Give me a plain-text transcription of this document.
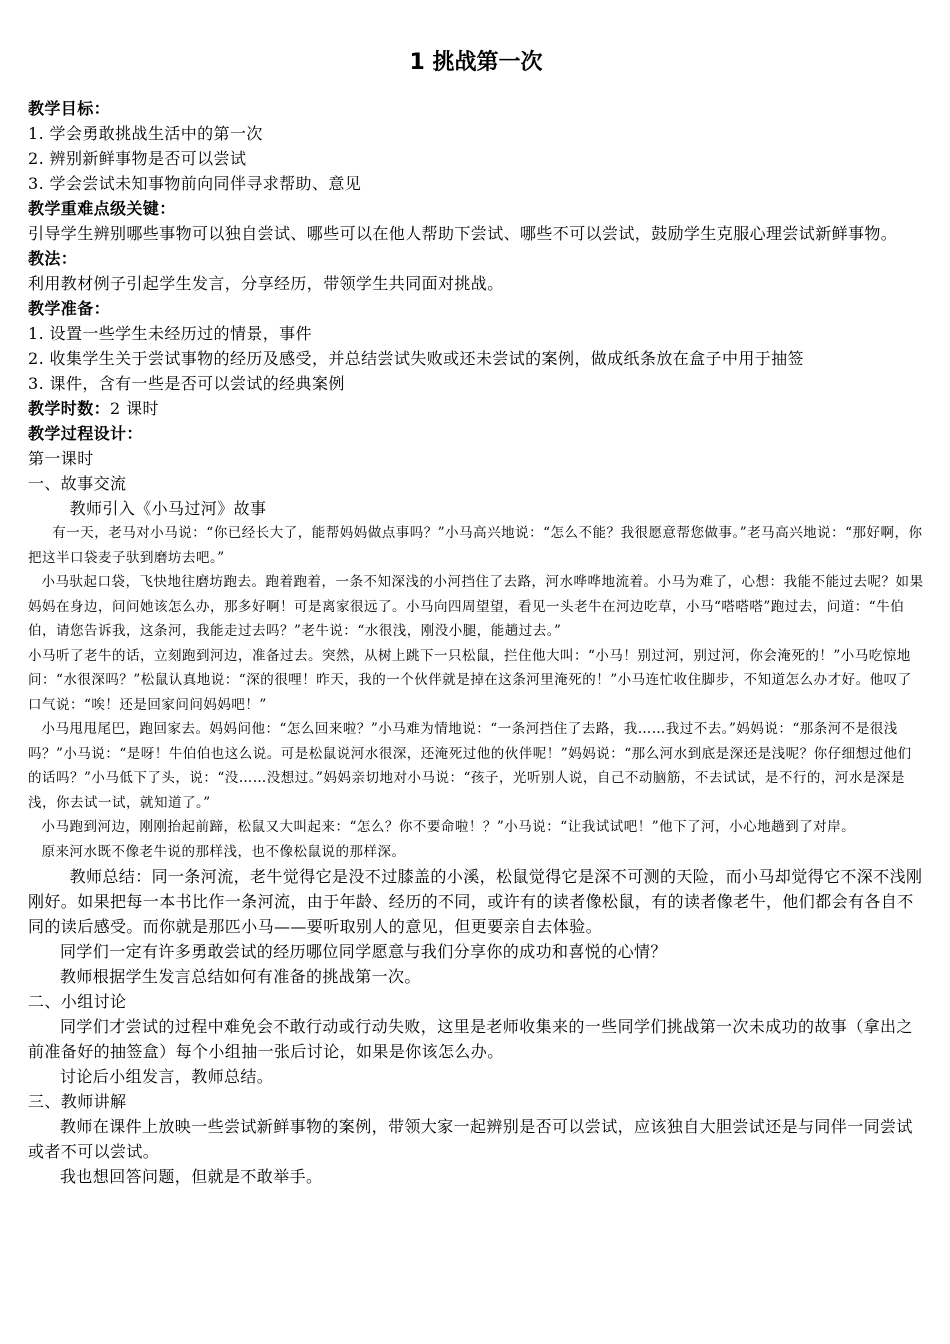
1 挑战第一次

教学目标：

1. 学会勇敢挑战生活中的第一次

2. 辨别新鲜事物是否可以尝试

3. 学会尝试未知事物前向同伴寻求帮助、意见

教学重难点级关键：

引导学生辨别哪些事物可以独自尝试、哪些可以在他人帮助下尝试、哪些不可以尝试，鼓励学生克服心理尝试新鲜事物。

教法：

利用教材例子引起学生发言，分享经历，带领学生共同面对挑战。

教学准备：

1. 设置一些学生未经历过的情景，事件

2. 收集学生关于尝试事物的经历及感受，并总结尝试失败或还未尝试的案例，做成纸条放在盒子中用于抽签

3. 课件，含有一些是否可以尝试的经典案例

教学时数：2 课时

教学过程设计：

第一课时

一、故事交流

教师引入《小马过河》故事

有一天，老马对小马说：“你已经长大了，能帮妈妈做点事吗？”小马高兴地说：“怎么不能？我很愿意帮您做事。”老马高兴地说：“那好啊，你把这半口袋麦子驮到磨坊去吧。”

小马驮起口袋，飞快地往磨坊跑去。跑着跑着，一条不知深浅的小河挡住了去路，河水哗哗地流着。小马为难了，心想：我能不能过去呢？如果妈妈在身边，问问她该怎么办，那多好啊！可是离家很远了。小马向四周望望，看见一头老牛在河边吃草，小马“嗒嗒嗒”跑过去，问道：“牛伯伯，请您告诉我，这条河，我能走过去吗？”老牛说：“水很浅，刚没小腿，能趟过去。”

小马听了老牛的话，立刻跑到河边，准备过去。突然，从树上跳下一只松鼠，拦住他大叫：“小马！别过河，别过河，你会淹死的！”小马吃惊地问：“水很深吗？”松鼠认真地说：“深的很哩！昨天，我的一个伙伴就是掉在这条河里淹死的！”小马连忙收住脚步，不知道怎么办才好。他叹了口气说：“唉！还是回家问问妈妈吧！”

小马甩甩尾巴，跑回家去。妈妈问他：“怎么回来啦？”小马难为情地说：“一条河挡住了去路，我……我过不去。”妈妈说：“那条河不是很浅吗？”小马说：“是呀！牛伯伯也这么说。可是松鼠说河水很深，还淹死过他的伙伴呢！”妈妈说：“那么河水到底是深还是浅呢？你仔细想过他们的话吗？”小马低下了头，说：“没……没想过。”妈妈亲切地对小马说：“孩子，光听别人说，自己不动脑筋，不去试试，是不行的，河水是深是浅，你去试一试，就知道了。”

小马跑到河边，刚刚抬起前蹄，松鼠又大叫起来：“怎么？你不要命啦！？”小马说：“让我试试吧！”他下了河，小心地趟到了对岸。

原来河水既不像老牛说的那样浅，也不像松鼠说的那样深。

教师总结：同一条河流，老牛觉得它是没不过膝盖的小溪，松鼠觉得它是深不可测的天险，而小马却觉得它不深不浅刚刚好。如果把每一本书比作一条河流，由于年龄、经历的不同，或许有的读者像松鼠，有的读者像老牛，他们都会有各自不同的读后感受。而你就是那匹小马——要听取别人的意见，但更要亲自去体验。

同学们一定有许多勇敢尝试的经历哪位同学愿意与我们分享你的成功和喜悦的心情？

教师根据学生发言总结如何有准备的挑战第一次。

二、小组讨论

同学们才尝试的过程中难免会不敢行动或行动失败，这里是老师收集来的一些同学们挑战第一次未成功的故事（拿出之前准备好的抽签盒）每个小组抽一张后讨论，如果是你该怎么办。

讨论后小组发言，教师总结。

三、教师讲解

教师在课件上放映一些尝试新鲜事物的案例，带领大家一起辨别是否可以尝试，应该独自大胆尝试还是与同伴一同尝试或者不可以尝试。

我也想回答问题，但就是不敢举手。
